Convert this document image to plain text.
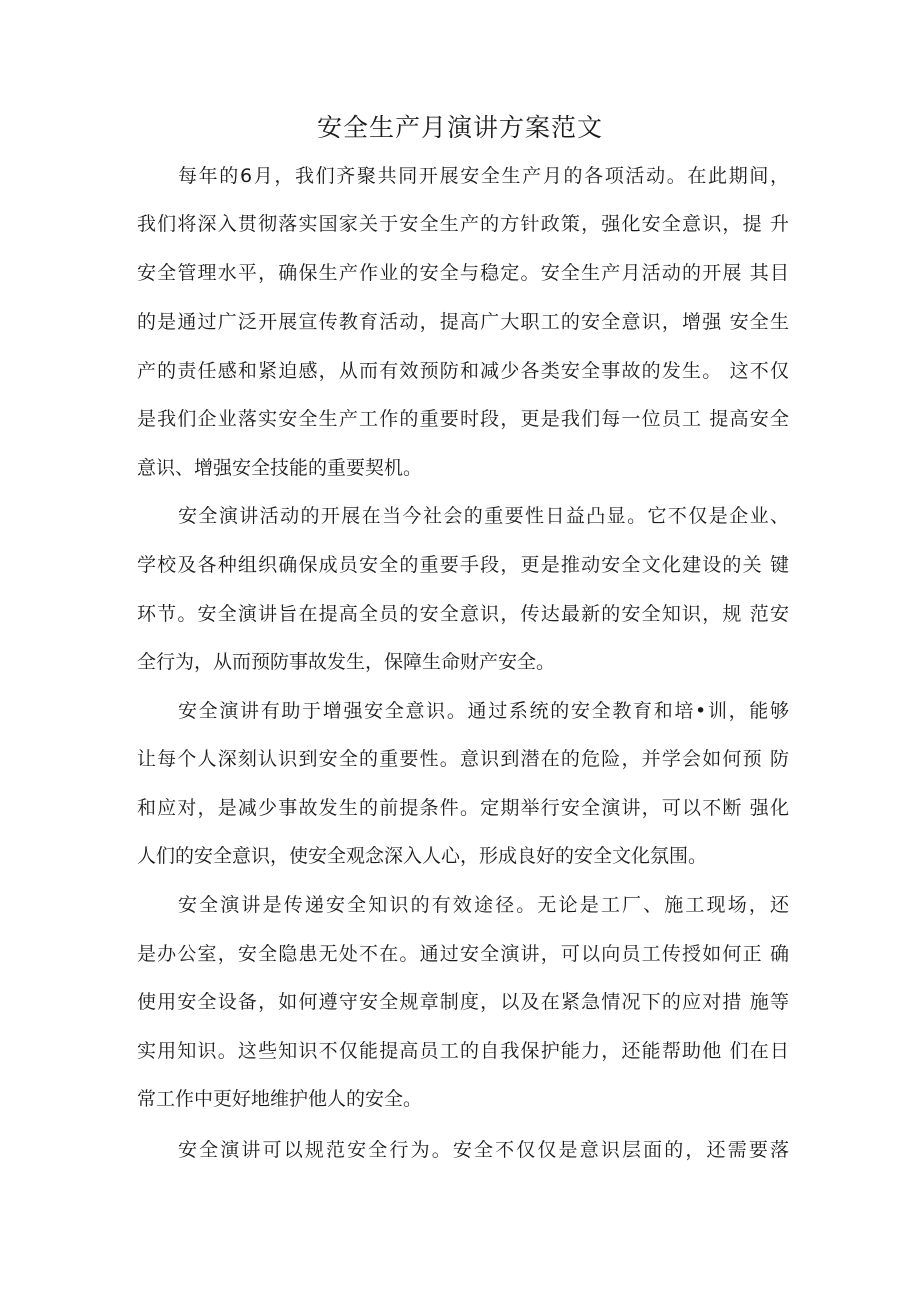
安全生产月演讲方案范文
每年的6月，我们齐聚共同开展安全生产月的各项活动。在此期间，
我们将深入贯彻落实国家关于安全生产的方针政策，强化安全意识，提 升
安全管理水平，确保生产作业的安全与稳定。安全生产月活动的开展 其目
的是通过广泛开展宣传教育活动，提高广大职工的安全意识，增强 安全生
产的责任感和紧迫感，从而有效预防和减少各类安全事故的发生。 这不仅
是我们企业落实安全生产工作的重要时段，更是我们每一位员工 提高安全
意识、增强安全技能的重要契机。
安全演讲活动的开展在当今社会的重要性日益凸显。它不仅是企业、
学校及各种组织确保成员安全的重要手段，更是推动安全文化建设的关 键
环节。安全演讲旨在提高全员的安全意识，传达最新的安全知识，规 范安
全行为，从而预防事故发生，保障生命财产安全。
安全演讲有助于增强安全意识。通过系统的安全教育和培•训，能够
让每个人深刻认识到安全的重要性。意识到潜在的危险，并学会如何预 防
和应对，是减少事故发生的前提条件。定期举行安全演讲，可以不断 强化
人们的安全意识，使安全观念深入人心，形成良好的安全文化氛围。
安全演讲是传递安全知识的有效途径。无论是工厂、施工现场，还
是办公室，安全隐患无处不在。通过安全演讲，可以向员工传授如何正 确
使用安全设备，如何遵守安全规章制度，以及在紧急情况下的应对措 施等
实用知识。这些知识不仅能提高员工的自我保护能力，还能帮助他 们在日
常工作中更好地维护他人的安全。
安全演讲可以规范安全行为。安全不仅仅是意识层面的，还需要落
